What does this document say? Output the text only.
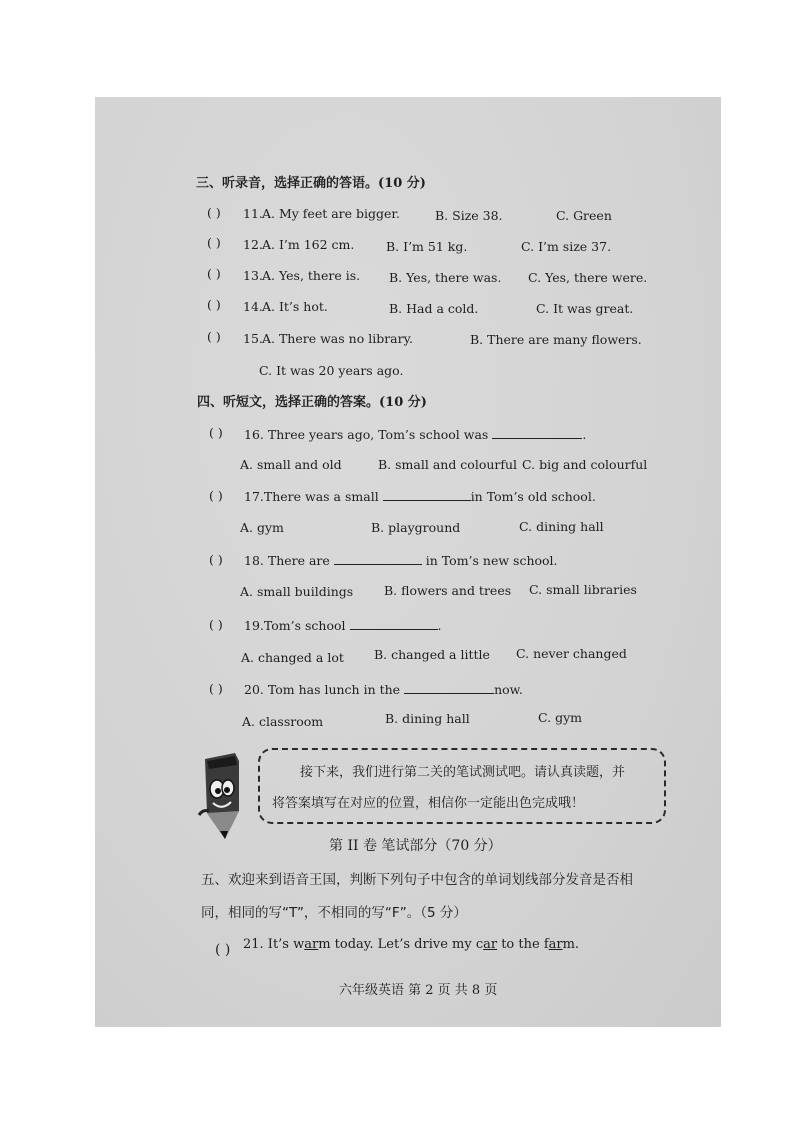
三、听录音，选择正确的答语。(10 分)
( ) 11. A. My feet are bigger.	B. Size 38.	C. Green
( ) 12. A. I’m 162 cm.	B. I’m 51 kg.	C. I’m size 37.
( ) 13. A. Yes, there is. B. Yes, there was. C. Yes, there were.
( ) 14. A. It’s hot.	B. Had a cold.	C. It was great.
( ) 15. A. There was no library.	B. There are many flowers.
C. It was 20 years ago.
四、听短文，选择正确的答案。(10 分)
( ) 16. Three years ago, Tom’s school was	.
A. small and old	B. small and colourful C. big and colourful
( ) 17.There was a small	in Tom’s old school.
A. gym	B. playground	C. dining hall
( ) 18. There are	in Tom’s new school.
A. small buildings B. flowers and trees C. small libraries
( ) 19.Tom’s school	.
A. changed a lot B. changed a little C. never changed
( ) 20. Tom has lunch in the	now.
A. classroom	B. dining hall	C. gym
接下来，我们进行第二关的笔试测试吧。请认真读题，并
将答案填写在对应的位置，相信你一定能出色完成哦！
第 II 卷 笔试部分（70 分）
五、欢迎来到语音王国，判断下列句子中包含的单词划线部分发音是否相
同，相同的写“T”，不相同的写“F”。（5 分）
( ) 21. It’s warm today. Let’s drive my car to the farm.
六年级英语 第 2 页 共 8 页
